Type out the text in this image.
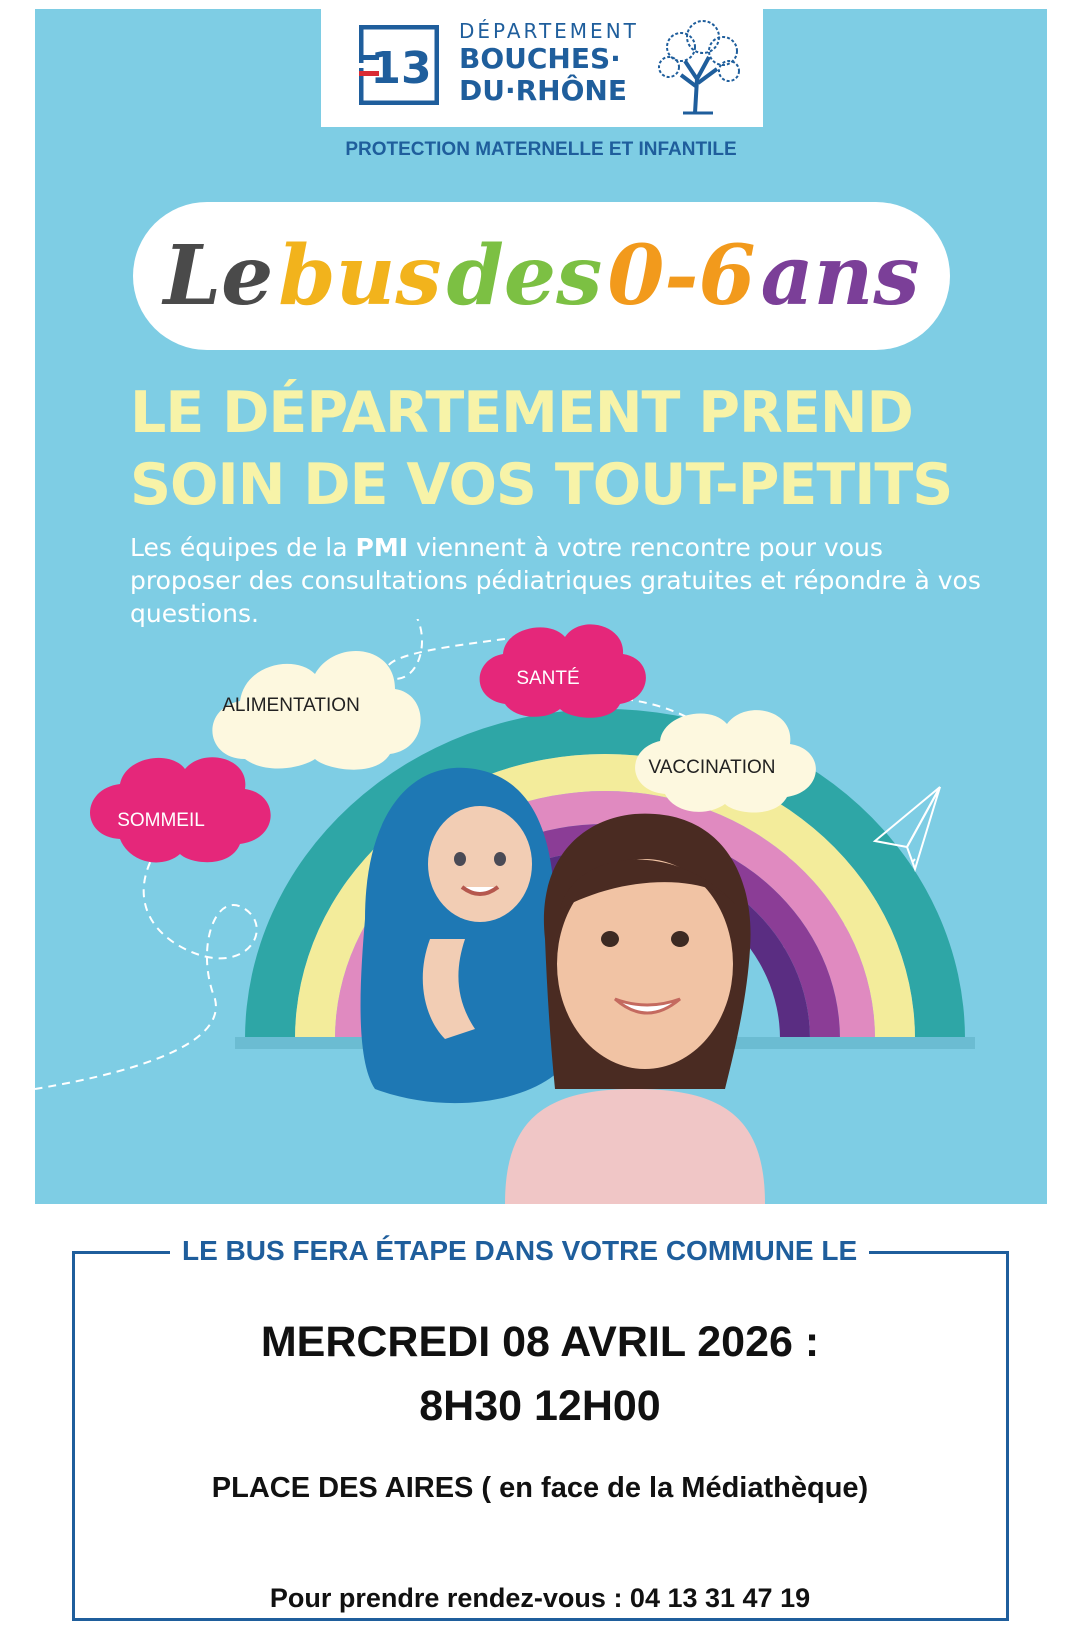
13
DÉPARTEMENT
BOUCHES·
DU·RHÔNE
PROTECTION MATERNELLE ET INFANTILE
Le bus des 0-6 ans
LE DÉPARTEMENT PREND
SOIN DE VOS TOUT-PETITS
Les équipes de la PMI viennent à votre rencontre pour vous proposer des consultations pédiatriques gratuites et répondre à vos questions.
ALIMENTATION
SANTÉ
VACCINATION
SOMMEIL
LE BUS FERA ÉTAPE DANS VOTRE COMMUNE LE
MERCREDI 08 AVRIL 2026 :
8H30 12H00
PLACE DES AIRES ( en face de la Médiathèque)
Pour prendre rendez-vous : 04 13 31 47 19
